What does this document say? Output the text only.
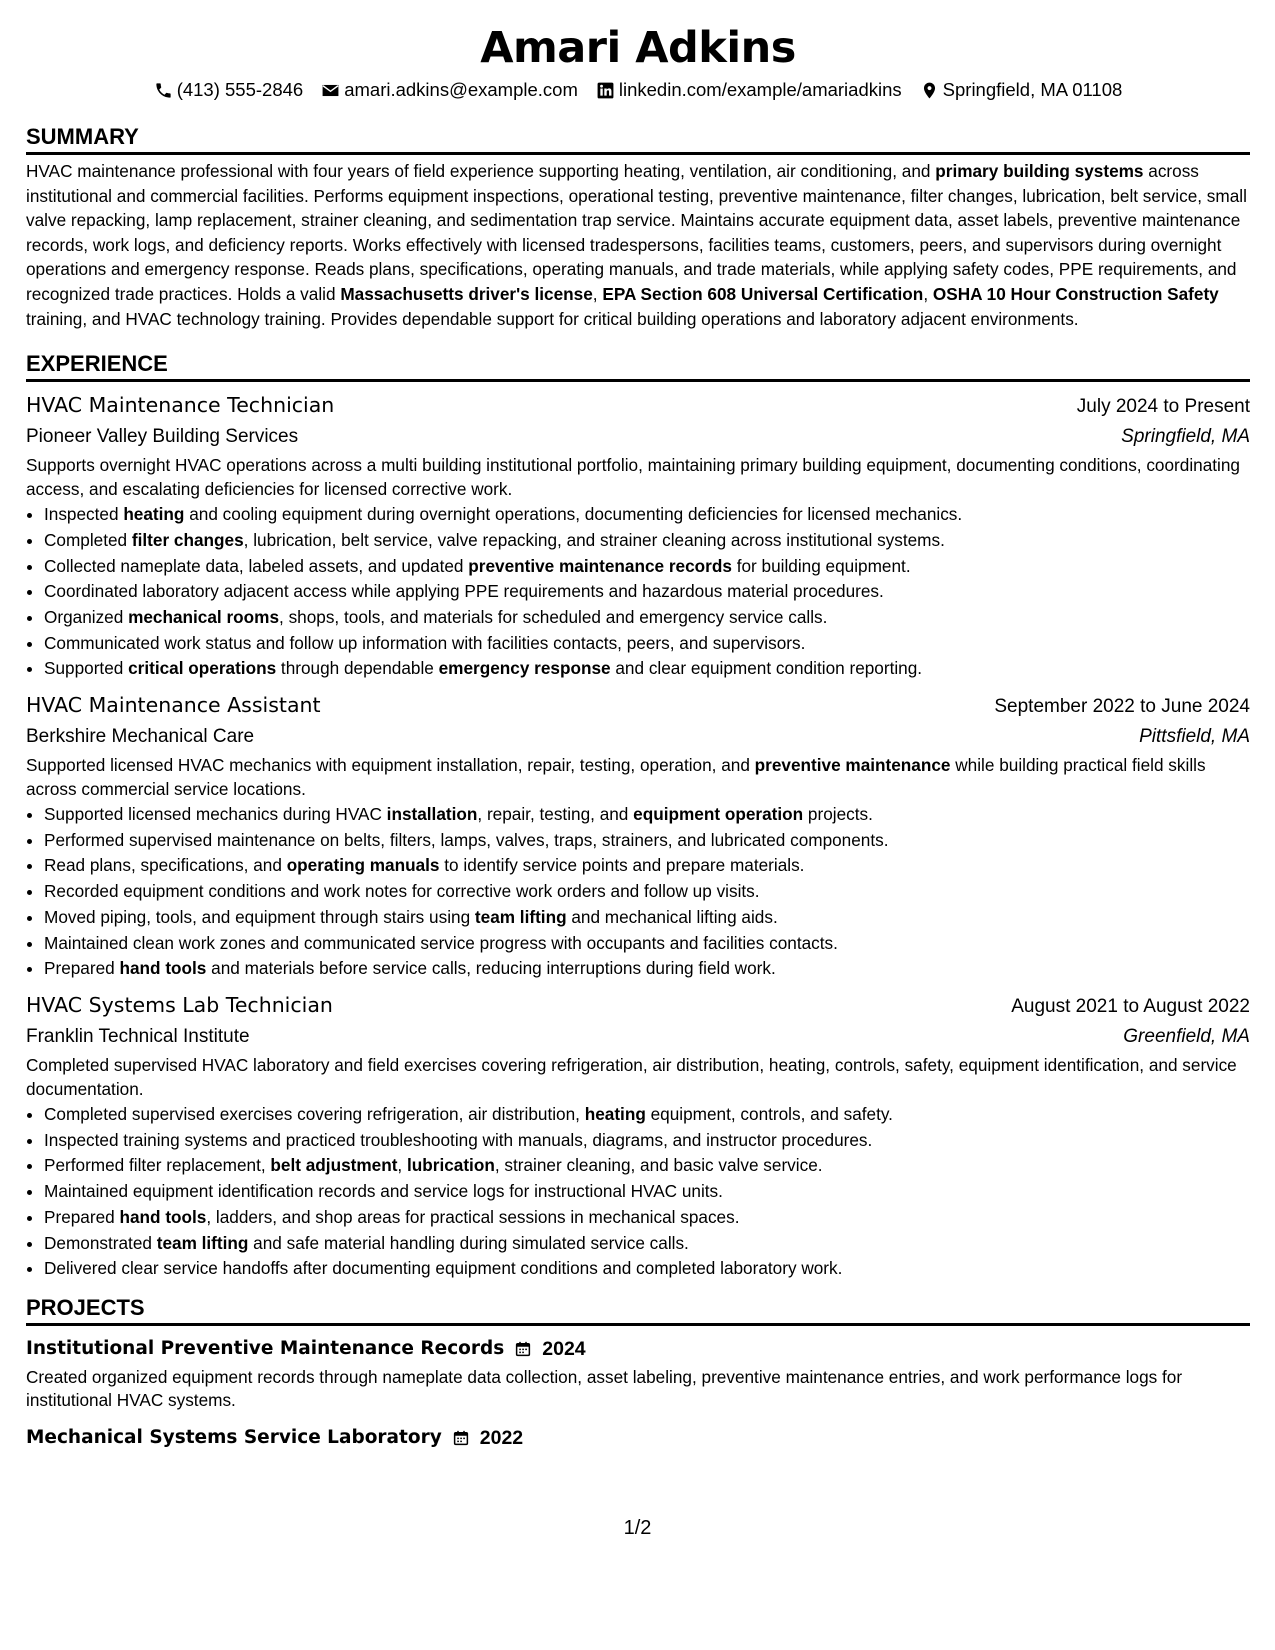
Amari Adkins
(413) 555-2846 amari.adkins@example.com linkedin.com/example/amariadkins Springfield, MA 01108
SUMMARY

HVAC maintenance professional with four years of field experience supporting heating, ventilation, air conditioning, and primary building systems across institutional and commercial facilities. Performs equipment inspections, operational testing, preventive maintenance, filter changes, lubrication, belt service, small valve repacking, lamp replacement, strainer cleaning, and sedimentation trap service. Maintains accurate equipment data, asset labels, preventive maintenance records, work logs, and deficiency reports. Works effectively with licensed tradespersons, facilities teams, customers, peers, and supervisors during overnight operations and emergency response. Reads plans, specifications, operating manuals, and trade materials, while applying safety codes, PPE requirements, and recognized trade practices. Holds a valid Massachusetts driver's license, EPA Section 608 Universal Certification, OSHA 10 Hour Construction Safety training, and HVAC technology training. Provides dependable support for critical building operations and laboratory adjacent environments.

EXPERIENCE
HVAC Maintenance Technician	July 2024 to Present
Pioneer Valley Building Services	Springfield, MA
Supports overnight HVAC operations across a multi building institutional portfolio, maintaining primary building equipment, documenting conditions, coordinating access, and escalating deficiencies for licensed corrective work.
• Inspected heating and cooling equipment during overnight operations, documenting deficiencies for licensed mechanics.
• Completed filter changes, lubrication, belt service, valve repacking, and strainer cleaning across institutional systems.
• Collected nameplate data, labeled assets, and updated preventive maintenance records for building equipment.
• Coordinated laboratory adjacent access while applying PPE requirements and hazardous material procedures.
• Organized mechanical rooms, shops, tools, and materials for scheduled and emergency service calls.
• Communicated work status and follow up information with facilities contacts, peers, and supervisors.
• Supported critical operations through dependable emergency response and clear equipment condition reporting.
HVAC Maintenance Assistant	September 2022 to June 2024
Berkshire Mechanical Care	Pittsfield, MA
Supported licensed HVAC mechanics with equipment installation, repair, testing, operation, and preventive maintenance while building practical field skills across commercial service locations.
• Supported licensed mechanics during HVAC installation, repair, testing, and equipment operation projects.
• Performed supervised maintenance on belts, filters, lamps, valves, traps, strainers, and lubricated components.
• Read plans, specifications, and operating manuals to identify service points and prepare materials.
• Recorded equipment conditions and work notes for corrective work orders and follow up visits.
• Moved piping, tools, and equipment through stairs using team lifting and mechanical lifting aids.
• Maintained clean work zones and communicated service progress with occupants and facilities contacts.
• Prepared hand tools and materials before service calls, reducing interruptions during field work.
HVAC Systems Lab Technician	August 2021 to August 2022
Franklin Technical Institute	Greenfield, MA
Completed supervised HVAC laboratory and field exercises covering refrigeration, air distribution, heating, controls, safety, equipment identification, and service documentation.
• Completed supervised exercises covering refrigeration, air distribution, heating equipment, controls, and safety.
• Inspected training systems and practiced troubleshooting with manuals, diagrams, and instructor procedures.
• Performed filter replacement, belt adjustment, lubrication, strainer cleaning, and basic valve service.
• Maintained equipment identification records and service logs for instructional HVAC units.
• Prepared hand tools, ladders, and shop areas for practical sessions in mechanical spaces.
• Demonstrated team lifting and safe material handling during simulated service calls.
• Delivered clear service handoffs after documenting equipment conditions and completed laboratory work.
PROJECTS
Institutional Preventive Maintenance Records 2024
Created organized equipment records through nameplate data collection, asset labeling, preventive maintenance entries, and work performance logs for institutional HVAC systems.
Mechanical Systems Service Laboratory 2022
1/2
